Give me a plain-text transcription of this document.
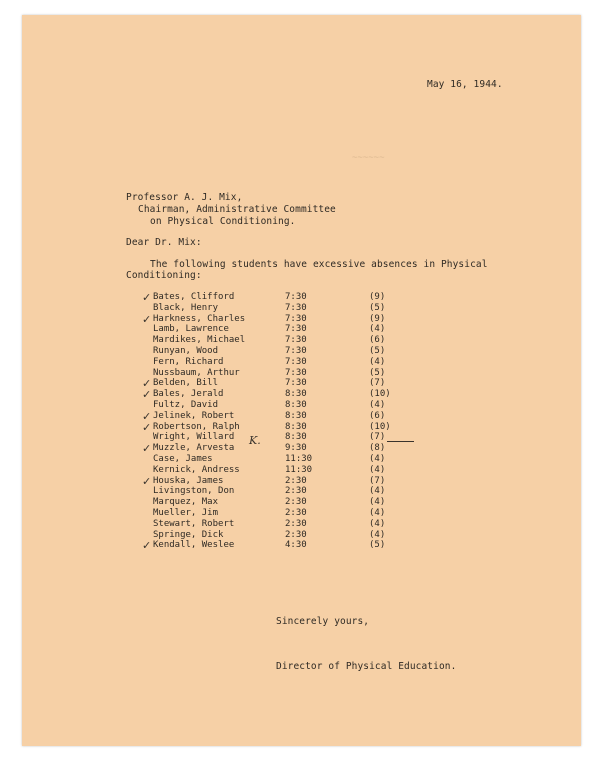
~~~~~~
May 16, 1944.
Professor A. J. Mix,
Chairman, Administrative Committee
on Physical Conditioning.
Dear Dr. Mix:
The following students have excessive absences in Physical
Conditioning:
✓ Bates, Clifford	7:30	(9)
Black, Henry	7:30	(5)
✓ Harkness, Charles	7:30	(9)
Lamb, Lawrence	7:30	(4)
Mardikes, Michael	7:30	(6)
Runyan, Wood	7:30	(5)
Fern, Richard	7:30	(4)
Nussbaum, Arthur	7:30	(5)
✓ Belden, Bill	7:30	(7)
✓ Bales, Jerald	8:30	(10)
Fultz, David	8:30	(4)
✓ Jelinek, Robert	8:30	(6)
✓ Robertson, Ralph	8:30	(10)
Wright, Willard	8:30	(7)
✓ Muzzle, Arvesta	9:30	(8)
Case, James	11:30	(4)
Kernick, Andress	11:30	(4)
✓ Houska, James	2:30	(7)
Livingston, Don	2:30	(4)
Marquez, Max	2:30	(4)
Mueller, Jim	2:30	(4)
Stewart, Robert	2:30	(4)
Springe, Dick	2:30	(4)
✓ Kendall, Weslee	4:30	(5)
K.
Sincerely yours,
Director of Physical Education.
